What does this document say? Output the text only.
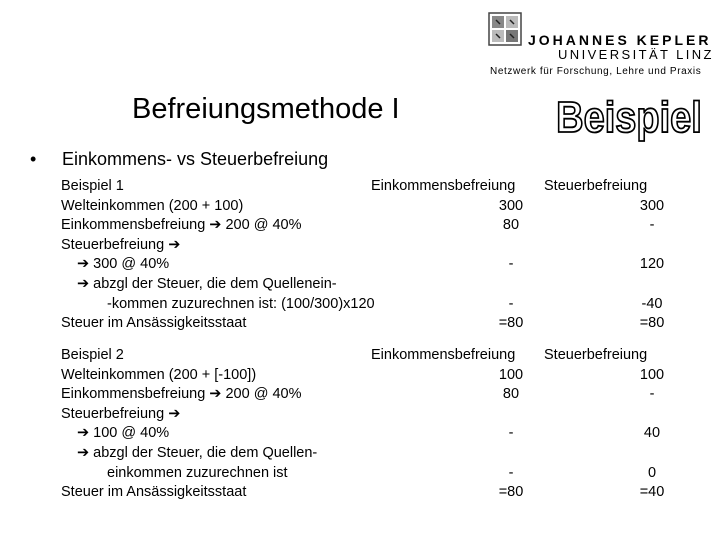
JOHANNES KEPLER
UNIVERSITÄT LINZ
Netzwerk für Forschung, Lehre und Praxis
Befreiungsmethode I	Beispiel
• Einkommens- vs Steuerbefreiung
Beispiel 1	Einkommensbefreiung	Steuerbefreiung
Welteinkommen (200 + 100)	300	300
Einkommensbefreiung ➔ 200 @ 40%	80	-
Steuerbefreiung ➔
➔ 300 @ 40%	-	120
➔ abzgl der Steuer, die dem Quellenein-
-kommen zuzurechnen ist: (100/300)x120	-	-40
Steuer im Ansässigkeitsstaat	=80	=80
Beispiel 2	Einkommensbefreiung	Steuerbefreiung
Welteinkommen (200 + [-100])	100	100
Einkommensbefreiung ➔ 200 @ 40%	80	-
Steuerbefreiung ➔
➔ 100 @ 40%	-	40
➔ abzgl der Steuer, die dem Quellen-
einkommen zuzurechnen ist	-	0
Steuer im Ansässigkeitsstaat	=80	=40
